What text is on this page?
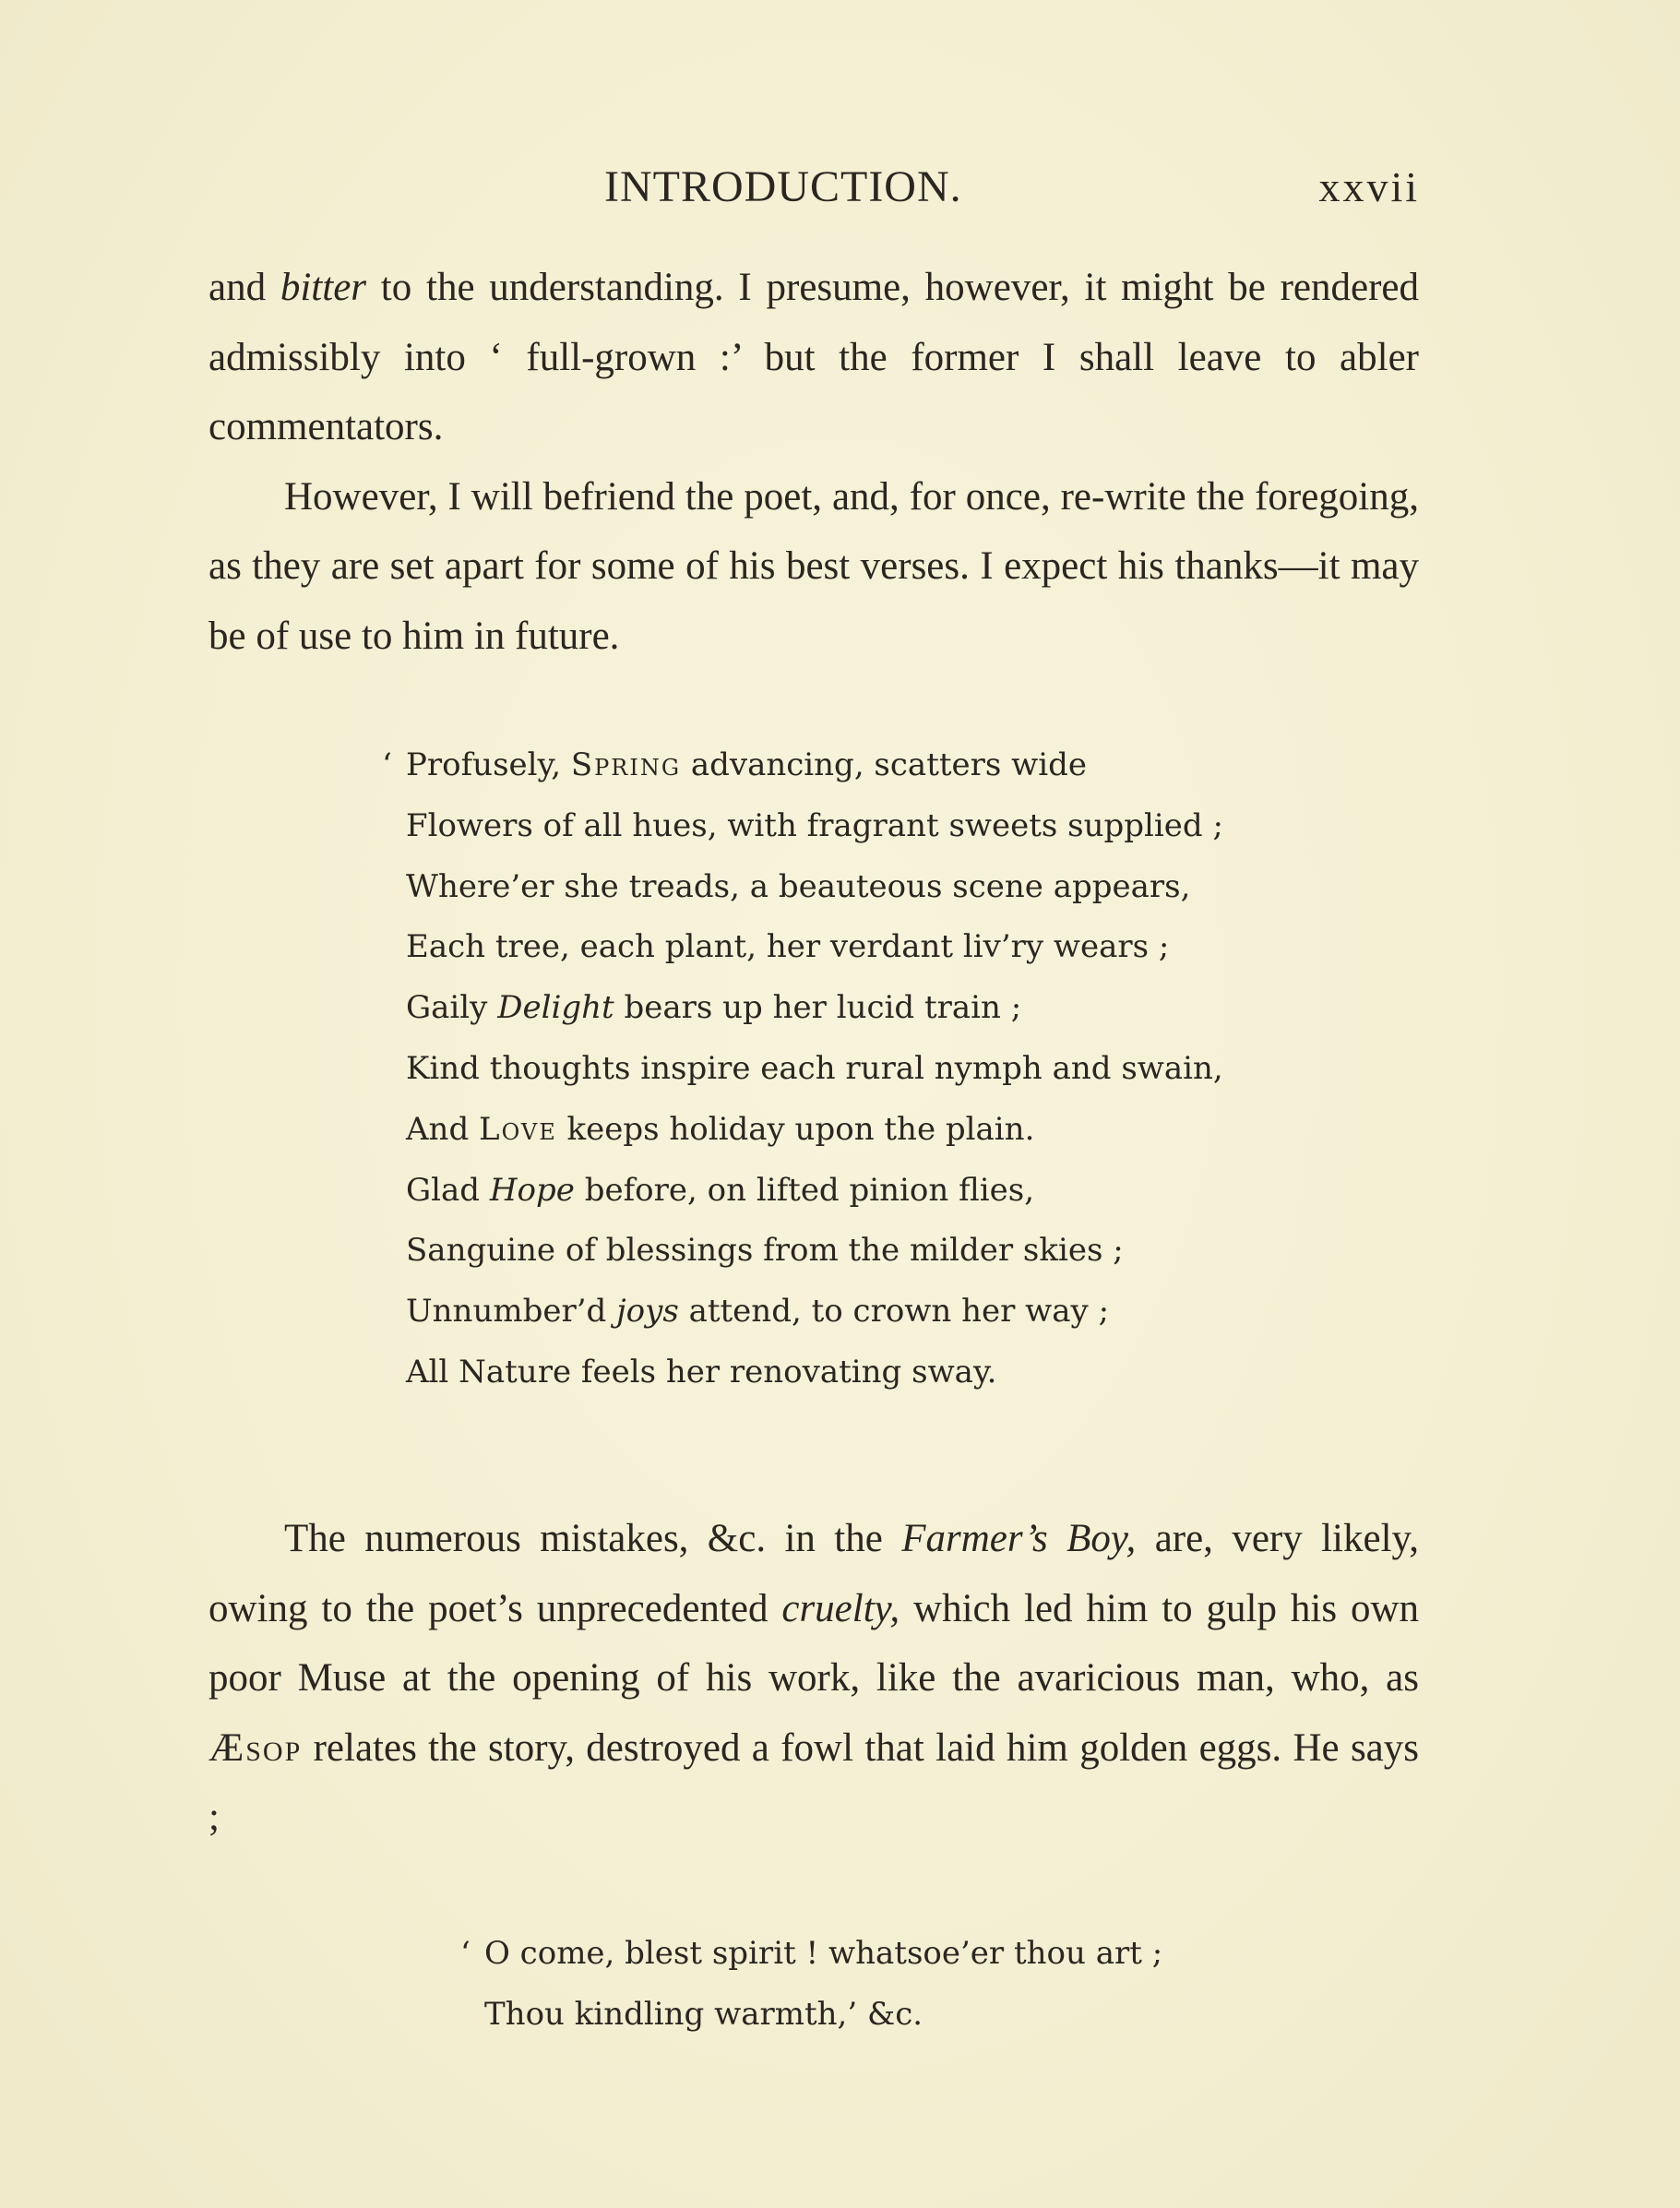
INTRODUCTION.	xxvii

and bitter to the understanding. I presume, however, it might be rendered admissibly into ‘ full-grown :’ but the former I shall leave to abler commentators.

However, I will befriend the poet, and, for once, re-write the foregoing, as they are set apart for some of his best verses. I expect his thanks—it may be of use to him in future.

‘ Profusely, Spring advancing, scatters wide
Flowers of all hues, with fragrant sweets supplied ;
Where’er she treads, a beauteous scene appears,
Each tree, each plant, her verdant liv’ry wears ;
Gaily Delight bears up her lucid train ;
Kind thoughts inspire each rural nymph and swain,
And Love keeps holiday upon the plain.
Glad Hope before, on lifted pinion flies,
Sanguine of blessings from the milder skies ;
Unnumber’d joys attend, to crown her way ;
All Nature feels her renovating sway.

The numerous mistakes, &c. in the Farmer’s Boy, are, very likely, owing to the poet’s unprecedented cruelty, which led him to gulp his own poor Muse at the opening of his work, like the avaricious man, who, as Æsop relates the story, destroyed a fowl that laid him golden eggs. He says ;

‘ O come, blest spirit ! whatsoe’er thou art ;
Thou kindling warmth,’ &c.
